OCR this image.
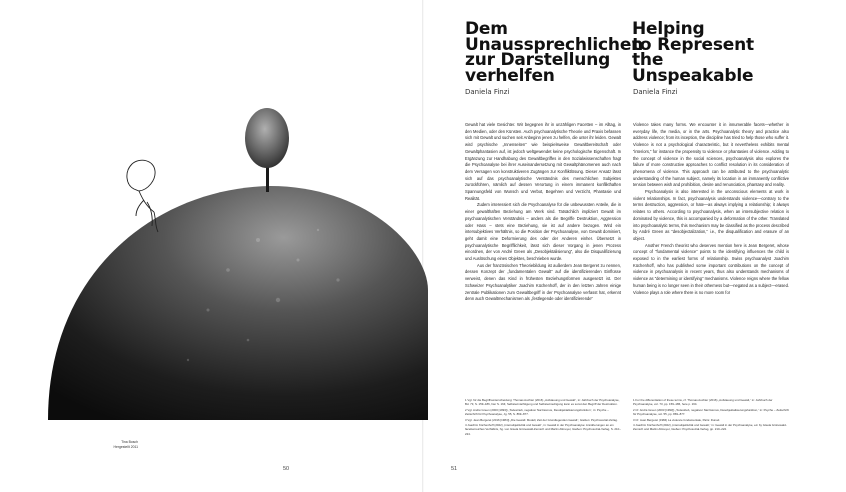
Tina Bosch
Hergestellt 2011
Dem
Unaussprechlichen
zur Darstellung
verhelfen
Daniela Finzi
Helping
to Represent
the
Unspeakable
Daniela Finzi

Gewalt hat viele Gesichter. Wir begegnen ihr in unzähligen Facetten – im Alltag, in den Medien, oder den Künsten. Auch psychoanalytische Theorie und Praxis befassen sich mit Gewalt und suchen seit Anbeginn jenen zu helfen, die unter ihr leiden. Gewalt wird psychische „Innenseiten“ wie beispielsweise Gewaltbereitschaft oder Gewaltphantasien auf, ist jedoch weltgewendet keine psychologische Eigenschaft. In Ergänzung zur Handhabung des Gewaltbegriffes in den Sozialwissenschaften fragt die Psychoanalyse bei ihrer Auseinandersetzung mit Gewaltphänomenen auch nach dem Versagen von konstruktiveren Zugängen zur Konfliktlösung. Dieser Ansatz lässt sich auf das psychoanalytische Verständnis des menschlichen Subjektes zurückführen, nämlich auf dessen Verortung in einem immanent konflikthaften Spannungsfeld von Wunsch und Verbot, Begehren und Verzicht, Phantasie und Realität.

Zudem interessiert sich die Psychoanalyse für die unbewussten Anteile, die in einer gewalthaften Beziehung am Werk sind. Tatsächlich impliziert Gewalt im psychoanalytischen Verständnis – anders als die Begriffe Destruktion, Aggression oder Hass – stets eine Beziehung, sie ist auf andere bezogen. Wird ein intersubjektives Verhältnis, so die Position der Psychoanalyse, von Gewalt dominiert, geht damit eine Deformierung des oder der Anderen einher. Übersetzt in psychoanalytische Begrifflichkeit, lässt sich dieser Vorgang in jenen Prozess einordnen, der von André Green als „Desobjektalisierung“, also die Disqualifizierung und Auslöschung eines Objektes, beschrieben wurde.

Aus der französischen Theoriebildung ist außerdem Jean Bergeret zu nennen, dessen Konzept der „fundamentalen Gewalt“ auf die identifizierenden Einflüsse verweist, denen das Kind in frühesten Beziehungsformen ausgesetzt ist. Der Schweizer Psychoanalytiker Joachim Küchenhoff, der in den letzten Jahren einige zentrale Publikationen zum Gewaltbegriff in der Psychoanalyse verfasst hat, erkennt denn auch Gewaltmechanismen als „festlegende oder identifizierende“

Violence takes many forms. We encounter it in innumerable facets—whether in everyday life, the media, or in the arts. Psychoanalytic theory and practice also address violence; from its inception, the discipline has tried to help those who suffer it. Violence is not a psychological characteristic, but it nevertheless exhibits mental “interiors,” for instance the propensity to violence or phantasies of violence. Adding to the concept of violence in the social sciences, psychoanalysis also explores the failure of more constructive approaches to conflict resolution in its consideration of phenomena of violence. This approach can be attributed to the psychoanalytic understanding of the human subject, namely its location in an immanently conflictive tension between wish and prohibition, desire and renunciation, phantasy and reality.

Psychoanalysis is also interested in the unconscious elements at work in violent relationships. In fact, psychoanalysis understands violence—contrary to the terms destruction, aggression, or hate—as always implying a relationship; it always relates to others. According to psychoanalysis, when an intersubjective relation is dominated by violence, this is accompanied by a deformation of the other. Translated into psychoanalytic terms, this mechanism may be classified as the process described by André Green as “desobjectalization,” i.e., the disqualification and erasure of an object.

Another French theorist who deserves mention here is Jean Bergeret, whose concept of “fundamental violence” points to the identifying influences the child is exposed to in the earliest forms of relationship. Swiss psychoanalyst Joachim Küchenhoff, who has published some important contributions on the concept of violence in psychoanalysis in recent years, thus also understands mechanisms of violence as “determining or identifying” mechanisms. Violence reigns where the fellow human being is no longer seen in their otherness but—negated as a subject—erased. Violence plays a role where there is no more room for

1 Vgl. für die Begriffsunterscheidung: Thomas Auchter (2016) „Aufstauung und Gewalt“, in: Jahrbuch der Psychoanalyse, Bd. 73, S. 159–186, hier S. 164; Selbstermächtigung und Selbsterniedrigung kann es sonst den Begriff der Destruktion.

2 Vgl. André Green (2003 [1993]) „Todestrieb, negativer Narzissmus, Desobjektalisierungsfunktion“, in: Psyche – Zeitschrift für Psychoanalyse, Jg. 55, S. 869–877.

3 Vgl. Jean Bergeret (2016 [1984]) „Die Gewalt: Modell, Zeit der Grundlegenden Gewalt“, Gießen: Psychosozial-Verlag.

4 Joachim Küchenhoff (2022) „Intersubjektivität und Gewalt“, in: Gewalt in der Psychoanalyse: Annäherungen an ein facettenreiches Verhältnis, hg. von Gisela Grünewald-Zemsch und Martin Altmeyer, Gießen: Psychosozial-Verlag, S. 210–224.

1 For the differentiation of these terms, cf. Thomas Auchter (2016) „Aufstauung und Gewalt,“ in: Jahrbuch der Psychoanalyse, vol. 73, pp. 159–186, here p. 164.

2 Cf. André Green (2003 [1993]) „Todestrieb, negativer Narzissmus, Desobjektalisierungsfunktion,“ in: Psyche – Zeitschrift für Psychoanalyse, vol. 55, pp. 869–877.

3 Cf. Jean Bergeret (1984) La violence fondamentale, Paris: Dunod.

4 Joachim Küchenhoff (2022) „Intersubjektivität und Gewalt,“ in: Gewalt in der Psychoanalyse, ed. by Gisela Grünewald-Zemsch and Martin Altmeyer, Gießen: Psychosozial-Verlag, pp. 210–224.

50	51
